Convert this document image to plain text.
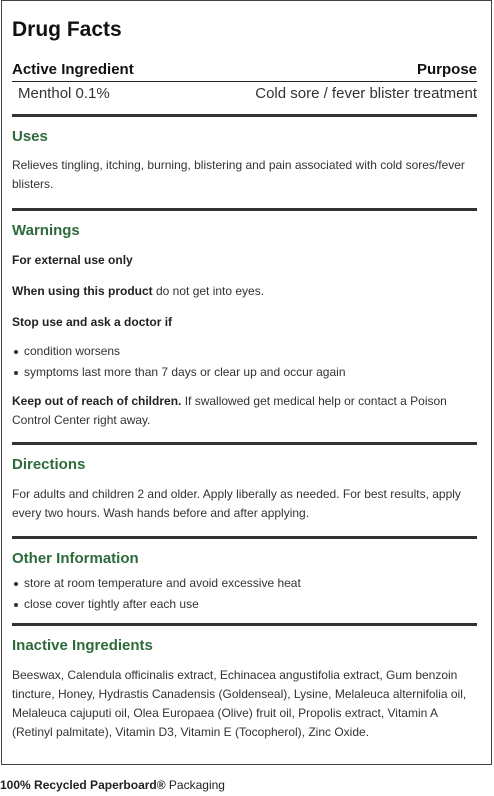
Drug Facts
Active Ingredient	Purpose
Menthol 0.1%	Cold sore / fever blister treatment
Uses
Relieves tingling, itching, burning, blistering and pain associated with cold sores/fever blisters.
Warnings
For external use only
When using this product do not get into eyes.
Stop use and ask a doctor if
condition worsens
symptoms last more than 7 days or clear up and occur again
Keep out of reach of children. If swallowed get medical help or contact a Poison Control Center right away.
Directions
For adults and children 2 and older. Apply liberally as needed. For best results, apply every two hours. Wash hands before and after applying.
Other Information
store at room temperature and avoid excessive heat
close cover tightly after each use
Inactive Ingredients
Beeswax, Calendula officinalis extract, Echinacea angustifolia extract, Gum benzoin tincture, Honey, Hydrastis Canadensis (Goldenseal), Lysine, Melaleuca alternifolia oil, Melaleuca cajuputi oil, Olea Europaea (Olive) fruit oil, Propolis extract, Vitamin A (Retinyl palmitate), Vitamin D3, Vitamin E (Tocopherol), Zinc Oxide.
100% Recycled Paperboard® Packaging
